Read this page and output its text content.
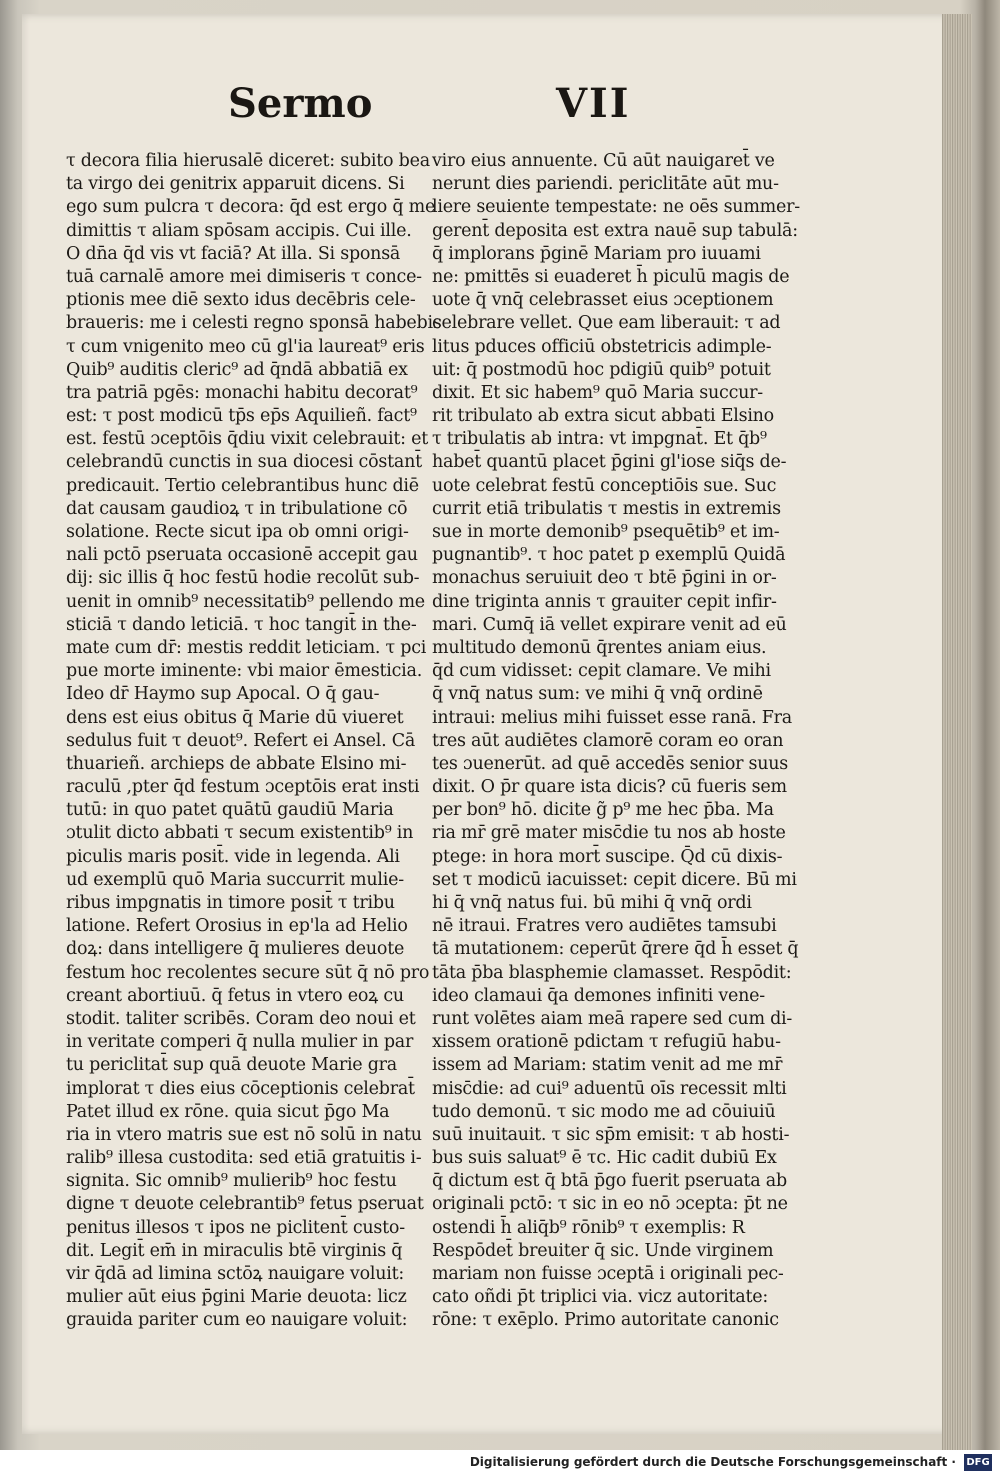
Sermo	VII
τ decora filia hierusalē diceret: subito bea
ta virgo dei genitrix apparuit dicens. Si
ego sum pulcra τ decora: q̄d est ergo q̄ me
dimittis τ aliam spōsam accipis. Cui ille.
O dn̄a q̄d vis vt faciā? At illa. Si sponsā
tuā carnalē amore mei dimiseris τ conce-
ptionis mee diē sexto idus decēbris cele-
braueris: me i celesti regno sponsā habebis
τ cum vnigenito meo cū gl'ia laureat⁹ eris
Quib⁹ auditis cleric⁹ ad q̄ndā abbatiā ex
tra patriā pgēs: monachi habitu decorat⁹
est: τ post modicū tp̄s ep̄s Aquilieñ. fact⁹
est. festū ɔceptōis q̄diu vixit celebrauit: et
celebrandū cunctis in sua diocesi cōstant̄
predicauit. Tertio celebrantibus hunc diē
dat causam gaudioꝝ τ in tribulatione cō
solatione. Recte sicut ipa ob omni origi-
nali pctō pseruata occasionē accepit gau
dij: sic illis q̄ hoc festū hodie recolūt sub-
uenit in omnib⁹ necessitatib⁹ pellendo me
sticiā τ dando leticiā. τ hoc tangit̄ in the-
mate cum dr̄: mestis reddit leticiam. τ pci
pue morte iminente: vbi maior ēmesticia.
Ideo dr̄ Haymo sup Apocal. O q̄ gau-
dens est eius obitus q̄ Marie dū viueret
sedulus fuit τ deuot⁹. Refert ei Ansel. Cā
thuarieñ. archieps de abbate Elsino mi-
raculū ,pter q̄d festum ɔceptōis erat insti
tutū: in quo patet quātū gaudiū Maria
ɔtulit dicto abbati τ secum existentib⁹ in
piculis maris posit̄. vide in legenda. Ali
ud exemplū quō Maria succurrit mulie-
ribus impgnatis in timore posit̄ τ tribu
latione. Refert Orosius in ep'la ad Helio
doꝝ: dans intelligere q̄ mulieres deuote
festum hoc recolentes secure sūt q̄ nō pro
creant abortiuū. q̄ fetus in vtero eoꝝ cu
stodit. taliter scribēs. Coram deo noui et
in veritate comperi q̄ nulla mulier in par
tu periclitat̄ sup quā deuote Marie gra
implorat τ dies eius cōceptionis celebrat̄
Patet illud ex rōne. quia sicut p̄go Ma
ria in vtero matris sue est nō solū in natu
ralib⁹ illesa custodita: sed etiā gratuitis i-
signita. Sic omnib⁹ mulierib⁹ hoc festu
digne τ deuote celebrantib⁹ fetus pseruat
penitus illesos τ ipos ne piclitent̄ custo-
dit. Legit̄ em̄ in miraculis btē virginis q̄
vir q̄dā ad limina sctōꝝ nauigare voluit:
mulier aūt eius p̄gini Marie deuota: licz
grauida pariter cum eo nauigare voluit:
viro eius annuente. Cū aūt nauigaret̄ ve
nerunt dies pariendi. periclitāte aūt mu-
liere seuiente tempestate: ne oēs summer-
gerent̄ deposita est extra nauē sup tabulā:
q̄ implorans p̄ginē Mariam pro iuuami
ne: pmittēs si euaderet h̄ piculū magis de
uote q̄ vnq̄ celebrasset eius ɔceptionem
celebrare vellet. Que eam liberauit: τ ad
litus pduces officiū obstetricis adimple-
uit: q̄ postmodū hoc pdigiū quib⁹ potuit
dixit. Et sic habem⁹ quō Maria succur-
rit tribulato ab extra sicut abbati Elsino
τ tribulatis ab intra: vt impgnat̄. Et q̄b⁹
habet̄ quantū placet p̄gini gl'iose siq̄s de-
uote celebrat festū conceptiōis sue. Suc
currit etiā tribulatis τ mestis in extremis
sue in morte demonib⁹ psequētib⁹ et im-
pugnantib⁹. τ hoc patet p exemplū Quidā
monachus seruiuit deo τ btē p̄gini in or-
dine triginta annis τ grauiter cepit infir-
mari. Cumq̄ iā vellet expirare venit ad eū
multitudo demonū q̄rentes aniam eius.
q̄d cum vidisset: cepit clamare. Ve mihi
q̄ vnq̄ natus sum: ve mihi q̄ vnq̄ ordinē
intraui: melius mihi fuisset esse ranā. Fra
tres aūt audiētes clamorē coram eo oran
tes ɔuenerūt. ad quē accedēs senior suus
dixit. O p̄r quare ista dicis? cū fueris sem
per bon⁹ hō. dicite g̃ p⁹ me hec p̄ba. Ma
ria mr̄ grē mater misc̄die tu nos ab hoste
ptege: in hora mort̄ suscipe. Q̄d cū dixis-
set τ modicū iacuisset: cepit dicere. Bū mi
hi q̄ vnq̄ natus fui. bū mihi q̄ vnq̄ ordi
nē itraui. Fratres vero audiētes tamsubi
tā mutationem: ceperūt q̄rere q̄d h̄ esset q̄
tāta p̄ba blasphemie clamasset. Respōdit:
ideo clamaui q̄a demones infiniti vene-
runt volētes aiam meā rapere sed cum di-
xissem orationē pdictam τ refugiū habu-
issem ad Mariam: statim venit ad me mr̄
misc̄die: ad cui⁹ aduentū oīs recessit mlti
tudo demonū. τ sic modo me ad cōuiuiū
suū inuitauit. τ sic sp̄m emisit: τ ab hosti-
bus suis saluat⁹ ē τc. Hic cadit dubiū Ex
q̄ dictum est q̄ btā p̄go fuerit pseruata ab
originali pctō: τ sic in eo nō ɔcepta: p̄t ne
ostendi h̄ aliq̄b⁹ rōnib⁹ τ exemplis: R
Respōdet̄ breuiter q̄ sic. Unde virginem
mariam non fuisse ɔceptā i originali pec-
cato oñdi p̄t triplici via. vicz autoritate:
rōne: τ exēplo. Primo autoritate canonic
Digitalisierung gefördert durch die Deutsche Forschungsgemeinschaft · DFG
